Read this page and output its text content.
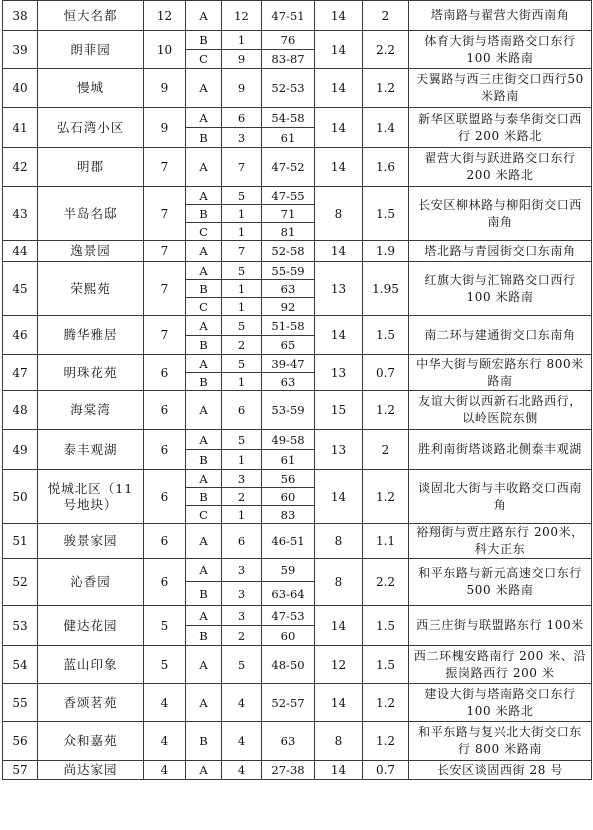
38	恒大名都	12	A	12	47-51	14	2	塔南路与翟营大街西南角
39	朗菲园	10	B	1	76	14	2.2	体育大街与塔南路交口东行100 米路南
			C	9	83-87			
40	慢城	9	A	9	52-53	14	1.2	天翼路与西三庄街交口西行50 米路南
41	弘石湾小区	9	A	6	54-58	14	1.4	新华区联盟路与泰华街交口西行 200 米路北
			B	3	61			
42	明郡	7	A	7	47-52	14	1.6	翟营大街与跃进路交口东行200 米路北
43	半岛名邸	7	A	5	47-55	8	1.5	长安区柳林路与柳阳街交口西南角
			B	1	71			
			C	1	81			
44	逸景园	7	A	7	52-58	14	1.9	塔北路与青园街交口东南角
45	荣熙苑	7	A	5	55-59	13	1.95	红旗大街与汇锦路交口西行100 米路南
			B	1	63			
			C	1	92			
46	腾华雅居	7	A	5	51-58	14	1.5	南二环与建通街交口东南角
			B	2	65			
47	明珠花苑	6	A	5	39-47	13	0.7	中华大街与颐宏路东行 800米路南
			B	1	63			
48	海棠湾	6	A	6	53-59	15	1.2	友谊大街以西新石北路西行，以岭医院东侧
49	泰丰观湖	6	A	5	49-58	13	2	胜利南街塔谈路北侧泰丰观湖
			B	1	61			
50	悦城北区（11 号地块）	6	A	3	56	14	1.2	谈固北大街与丰收路交口西南角
			B	2	60			
			C	1	83			
51	骏景家园	6	A	6	46-51	8	1.1	裕翔街与贾庄路东行 200米，科大正东
52	沁香园	6	A	3	59	8	2.2	和平东路与新元高速交口东行 500 米路南
			B	3	63-64			
53	健达花园	5	A	3	47-53	14	1.5	西三庄街与联盟路东行 100米
			B	2	60			
54	蓝山印象	5	A	5	48-50	12	1.5	西二环槐安路南行 200 米、沿振岗路西行 200 米
55	香颂茗苑	4	A	4	52-57	14	1.2	建设大街与塔南路交口东行100 米路北
56	众和嘉苑	4	B	4	63	8	1.2	和平东路与复兴北大街交口东行 800 米路南
57	尚达家园	4	A	4	27-38	14	0.7	长安区谈固西街 28 号
